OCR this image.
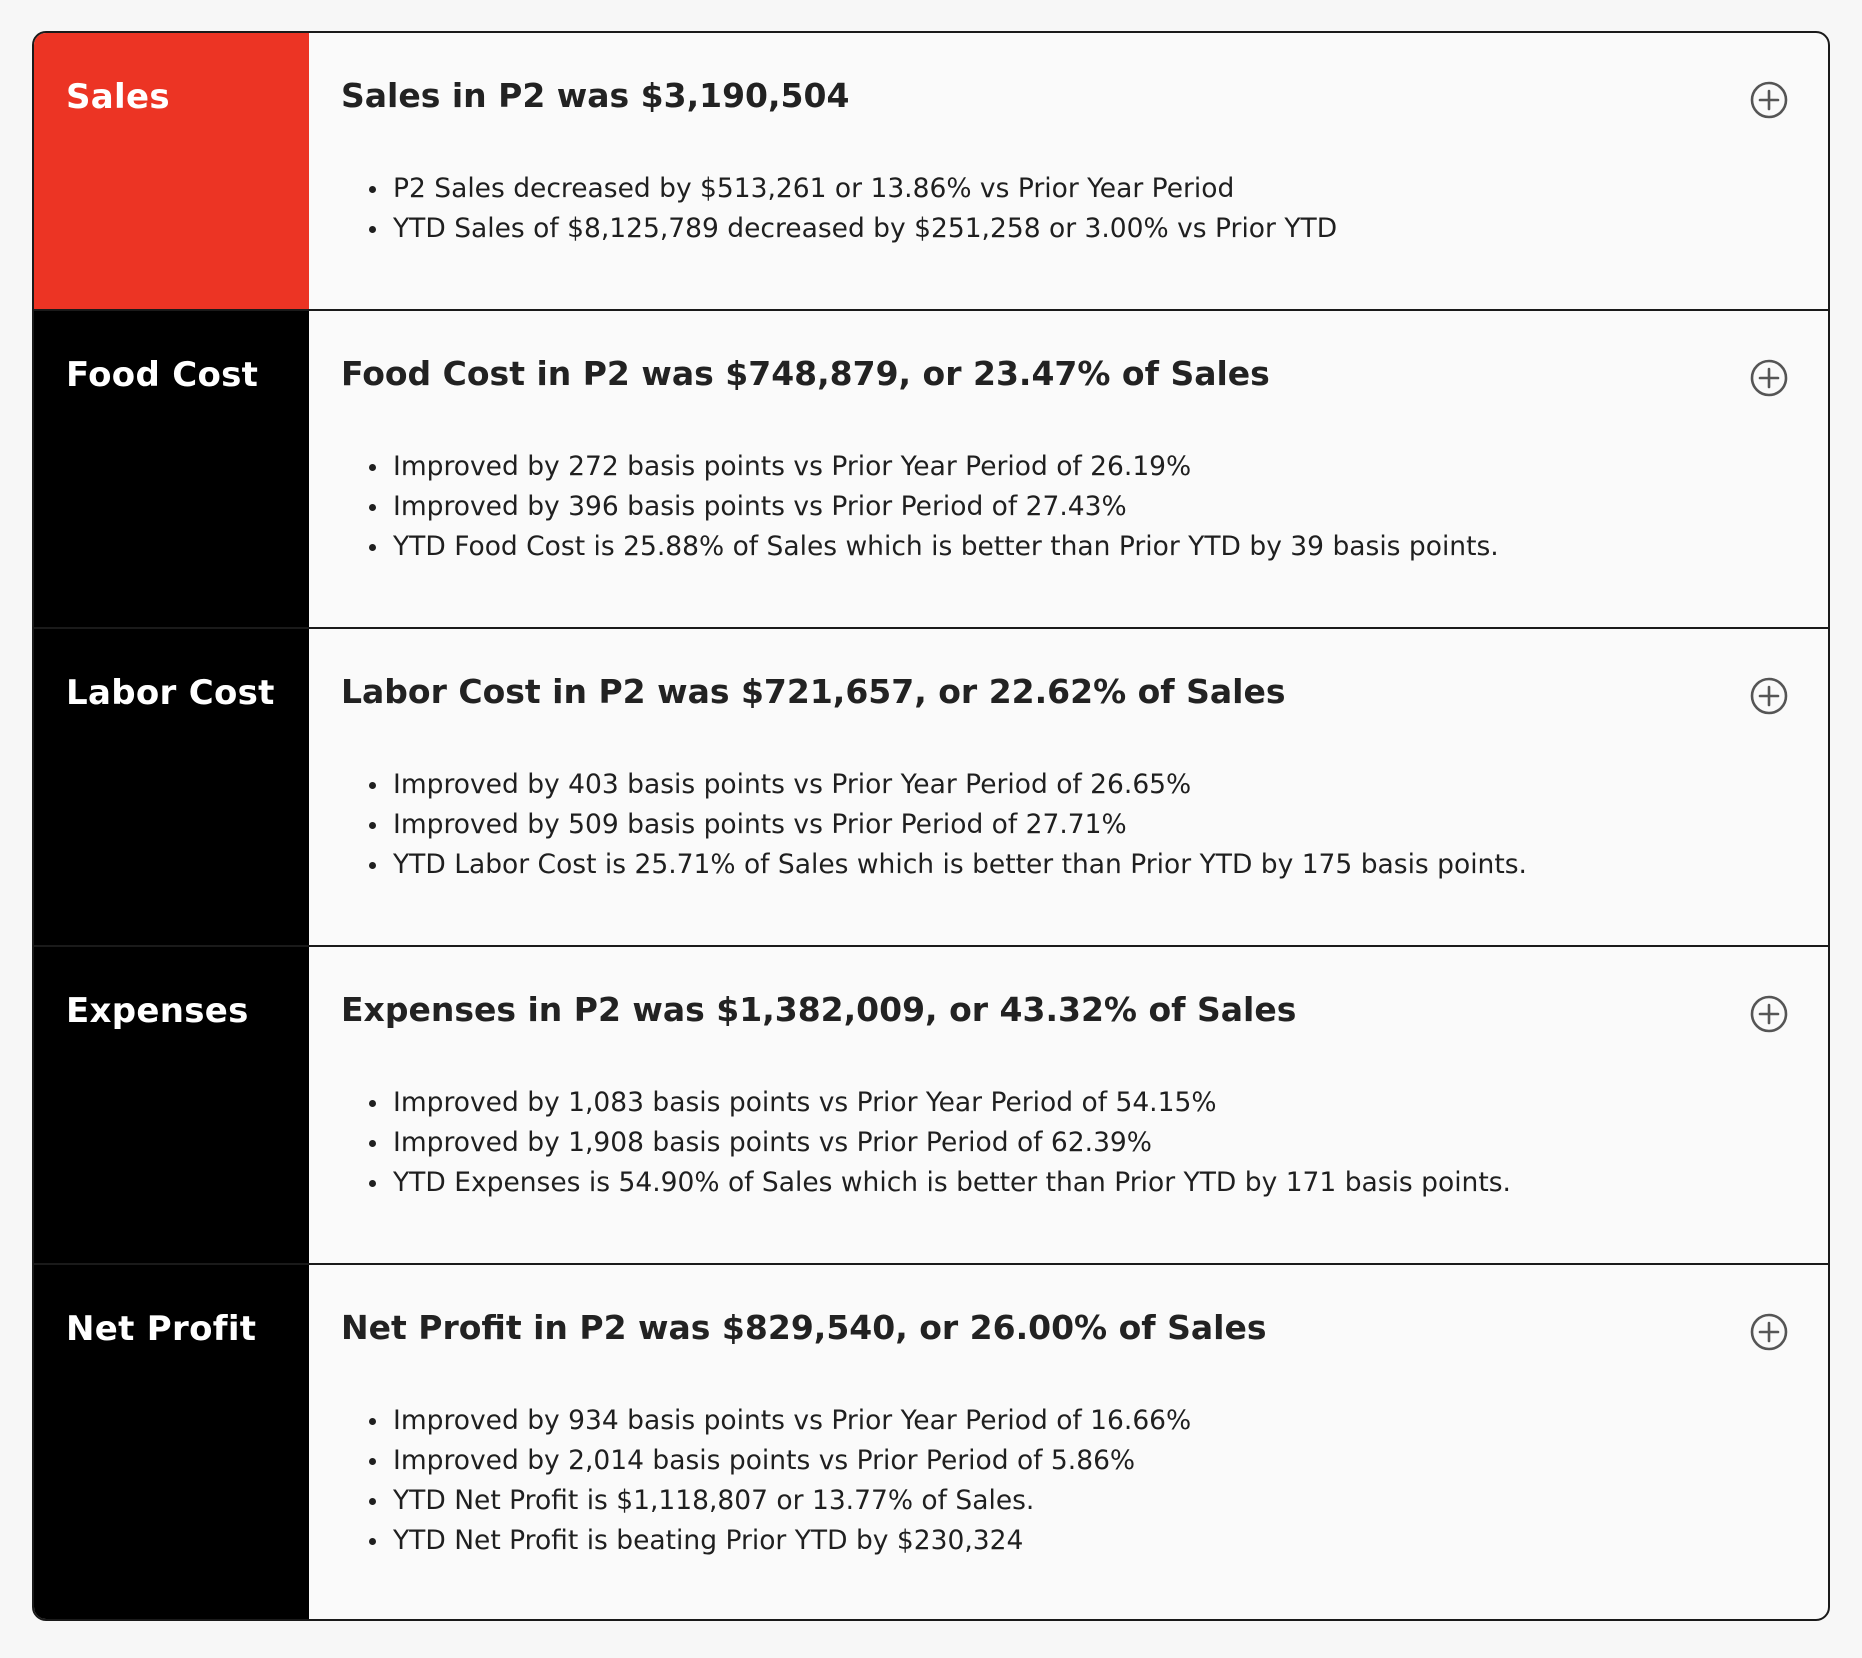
Sales	Sales in P2 was $3,190,504

P2 Sales decreased by $513,261 or 13.86% vs Prior Year Period
YTD Sales of $8,125,789 decreased by $251,258 or 3.00% vs Prior YTD
Food Cost	Food Cost in P2 was $748,879, or 23.47% of Sales

Improved by 272 basis points vs Prior Year Period of 26.19%
Improved by 396 basis points vs Prior Period of 27.43%
YTD Food Cost is 25.88% of Sales which is better than Prior YTD by 39 basis points.
Labor Cost	Labor Cost in P2 was $721,657, or 22.62% of Sales

Improved by 403 basis points vs Prior Year Period of 26.65%
Improved by 509 basis points vs Prior Period of 27.71%
YTD Labor Cost is 25.71% of Sales which is better than Prior YTD by 175 basis points.
Expenses	Expenses in P2 was $1,382,009, or 43.32% of Sales

Improved by 1,083 basis points vs Prior Year Period of 54.15%
Improved by 1,908 basis points vs Prior Period of 62.39%
YTD Expenses is 54.90% of Sales which is better than Prior YTD by 171 basis points.
Net Profit	Net Profit in P2 was $829,540, or 26.00% of Sales

Improved by 934 basis points vs Prior Year Period of 16.66%
Improved by 2,014 basis points vs Prior Period of 5.86%
YTD Net Profit is $1,118,807 or 13.77% of Sales.
YTD Net Profit is beating Prior YTD by $230,324
